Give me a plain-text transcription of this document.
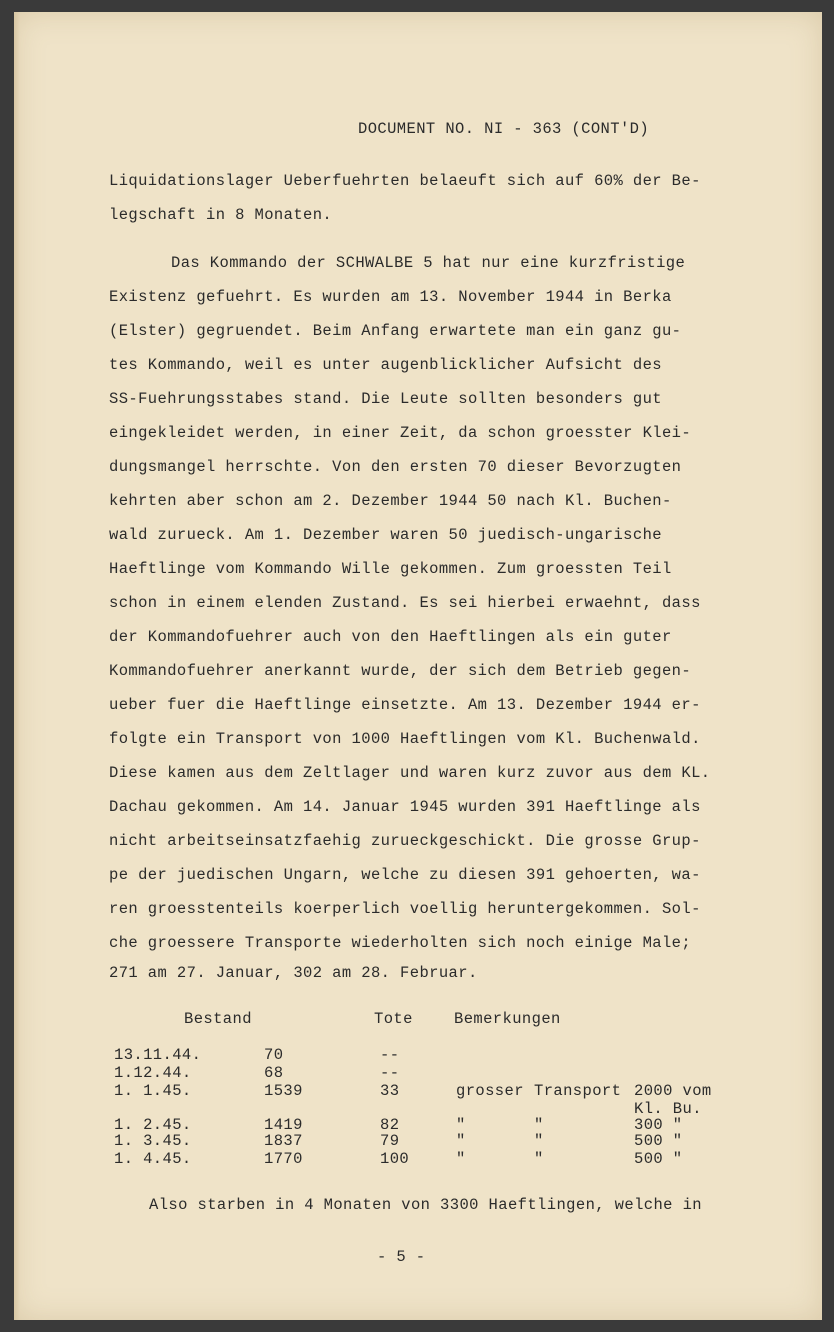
DOCUMENT NO. NI - 363 (CONT'D)
Liquidationslager Ueberfuehrten belaeuft sich auf 60% der Be-
legschaft in 8 Monaten.
Das Kommando der SCHWALBE 5 hat nur eine kurzfristige
Existenz gefuehrt. Es wurden am 13. November 1944 in Berka
(Elster) gegruendet. Beim Anfang erwartete man ein ganz gu-
tes Kommando, weil es unter augenblicklicher Aufsicht des
SS-Fuehrungsstabes stand. Die Leute sollten besonders gut
eingekleidet werden, in einer Zeit, da schon groesster Klei-
dungsmangel herrschte. Von den ersten 70 dieser Bevorzugten
kehrten aber schon am 2. Dezember 1944 50 nach Kl. Buchen-
wald zurueck. Am 1. Dezember waren 50 juedisch-ungarische
Haeftlinge vom Kommando Wille gekommen. Zum groessten Teil
schon in einem elenden Zustand. Es sei hierbei erwaehnt, dass
der Kommandofuehrer auch von den Haeftlingen als ein guter
Kommandofuehrer anerkannt wurde, der sich dem Betrieb gegen-
ueber fuer die Haeftlinge einsetzte. Am 13. Dezember 1944 er-
folgte ein Transport von 1000 Haeftlingen vom Kl. Buchenwald.
Diese kamen aus dem Zeltlager und waren kurz zuvor aus dem KL.
Dachau gekommen. Am 14. Januar 1945 wurden 391 Haeftlinge als
nicht arbeitseinsatzfaehig zurueckgeschickt. Die grosse Grup-
pe der juedischen Ungarn, welche zu diesen 391 gehoerten, wa-
ren groesstenteils koerperlich voellig heruntergekommen. Sol-
che groessere Transporte wiederholten sich noch einige Male;
271 am 27. Januar, 302 am 28. Februar.
Bestand	Tote	Bemerkungen
13.11.44.	70	--
1.12.44.	68	--
1. 1.45.	1539	33	grosser Transport 2000 vom
Kl. Bu.
1. 2.45.	1419	82	"	"	300 "
1. 3.45.	1837	79	"	"	500 "
1. 4.45.	1770	100	"	"	500 "
Also starben in 4 Monaten von 3300 Haeftlingen, welche in
- 5 -
